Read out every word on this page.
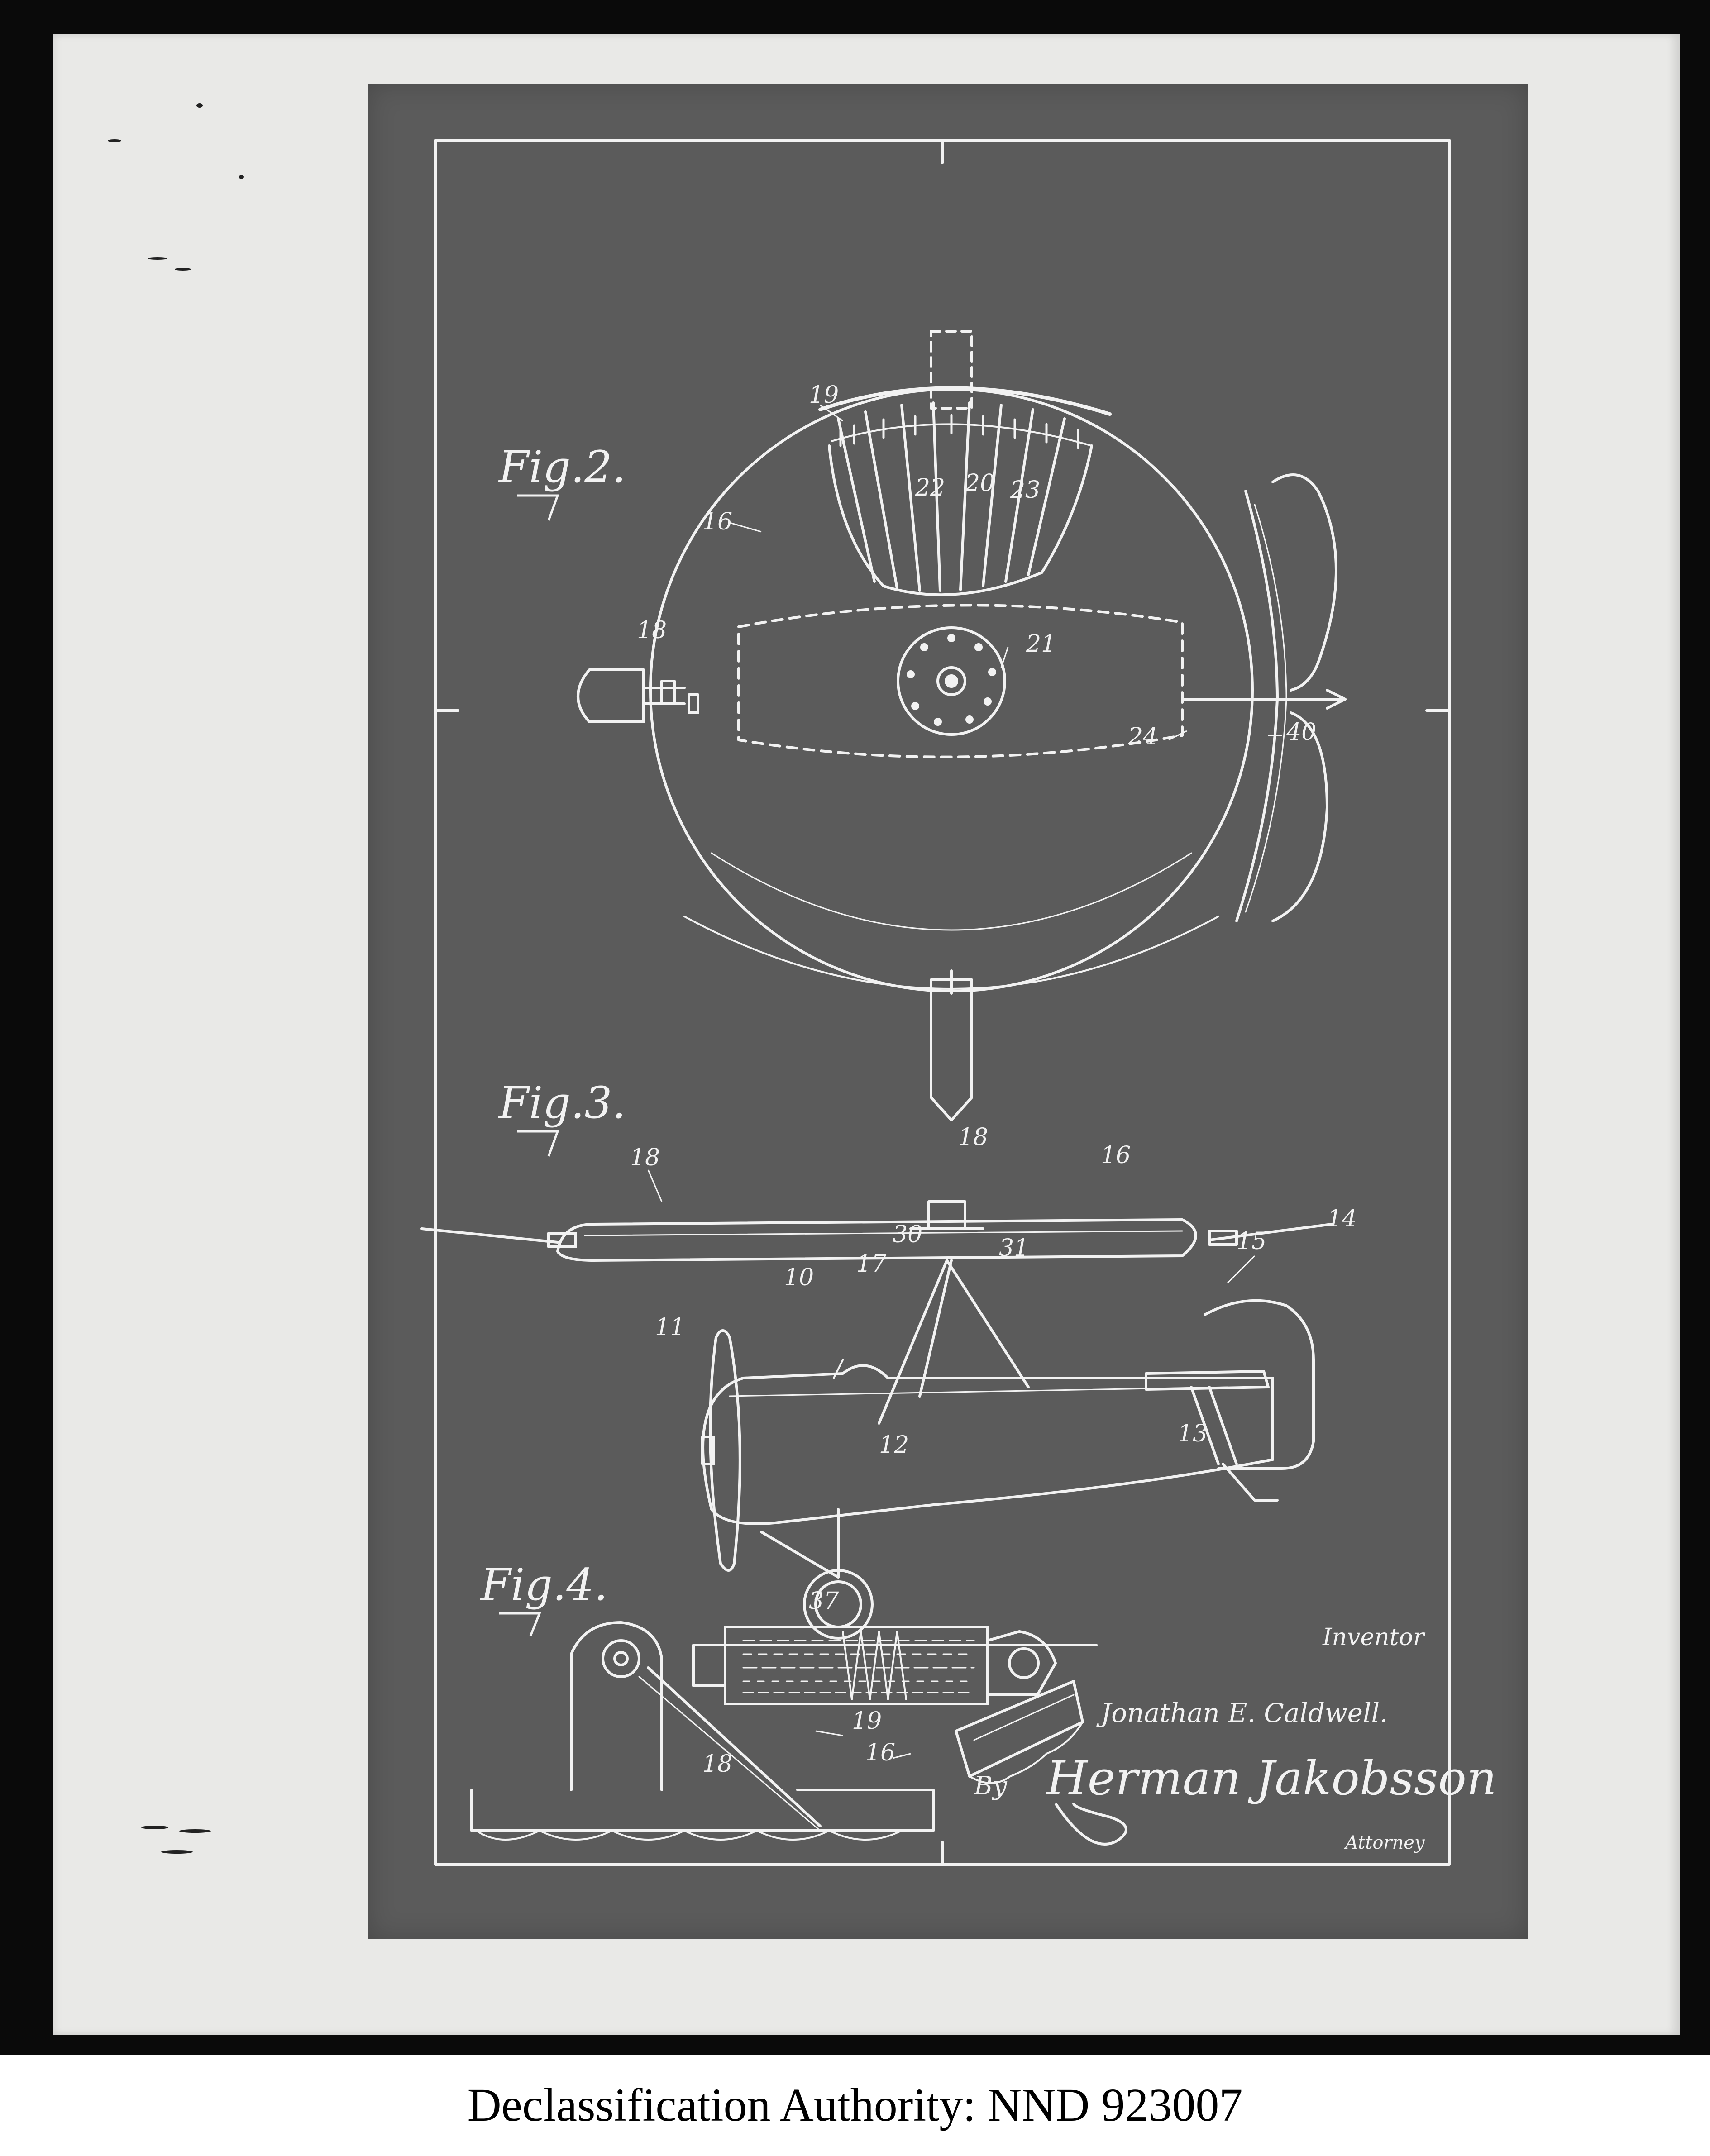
Fig.2.
Fig.3.
Fig.4.
19
16
22 20 23
18	21
24	40
18
18
16
14
30
17
31	15
10
11
12	13
37
19
16
18
Inventor
Jonathan E. Caldwell.
By Herman Jakobsson
Attorney
Declassification Authority: NND 923007
